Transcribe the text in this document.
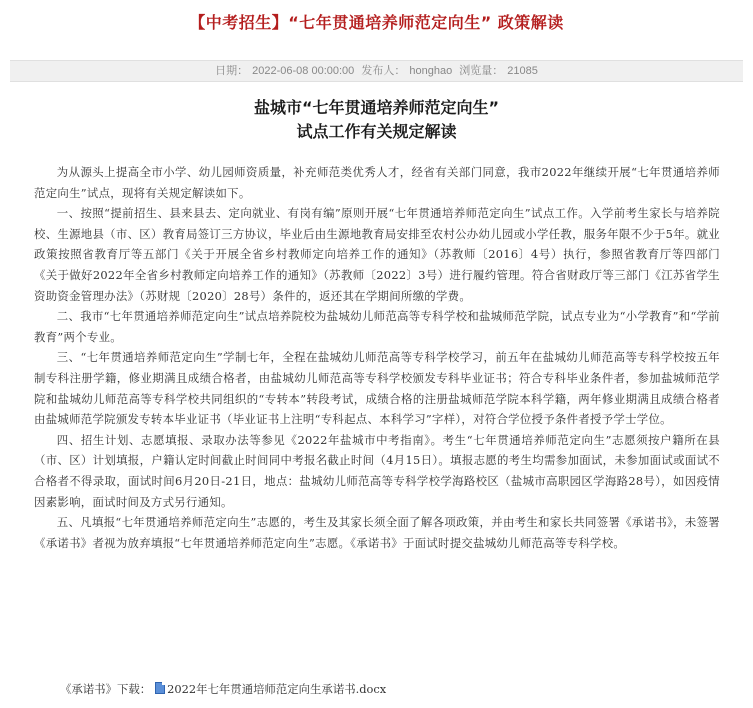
【中考招生】“七年贯通培养师范定向生” 政策解读
日期： 2022-06-08 00:00:00 发布人： honghao 浏览量： 21085
盐城市“七年贯通培养师范定向生”
试点工作有关规定解读

为从源头上提高全市小学、幼儿园师资质量，补充师范类优秀人才，经省有关部门同意，我市2022年继续开展“七年贯通培养师范定向生”试点，现将有关规定解读如下。

一、按照“提前招生、县来县去、定向就业、有岗有编”原则开展“七年贯通培养师范定向生”试点工作。入学前考生家长与培养院校、生源地县（市、区）教育局签订三方协议，毕业后由生源地教育局安排至农村公办幼儿园或小学任教，服务年限不少于5年。就业政策按照省教育厅等五部门《关于开展全省乡村教师定向培养工作的通知》（苏教师〔2016〕4号）执行，参照省教育厅等四部门《关于做好2022年全省乡村教师定向培养工作的通知》（苏教师〔2022〕3号）进行履约管理。符合省财政厅等三部门《江苏省学生资助资金管理办法》（苏财规〔2020〕28号）条件的，返还其在学期间所缴的学费。

二、我市“七年贯通培养师范定向生”试点培养院校为盐城幼儿师范高等专科学校和盐城师范学院，试点专业为“小学教育”和“学前教育”两个专业。

三、“七年贯通培养师范定向生”学制七年，全程在盐城幼儿师范高等专科学校学习，前五年在盐城幼儿师范高等专科学校按五年制专科注册学籍，修业期满且成绩合格者，由盐城幼儿师范高等专科学校颁发专科毕业证书；符合专科毕业条件者，参加盐城师范学院和盐城幼儿师范高等专科学校共同组织的“专转本”转段考试，成绩合格的注册盐城师范学院本科学籍，两年修业期满且成绩合格者由盐城师范学院颁发专转本毕业证书（毕业证书上注明“专科起点、本科学习”字样），对符合学位授予条件者授予学士学位。

四、招生计划、志愿填报、录取办法等参见《2022年盐城市中考指南》。考生“七年贯通培养师范定向生”志愿须按户籍所在县（市、区）计划填报，户籍认定时间截止时间同中考报名截止时间（4月15日）。填报志愿的考生均需参加面试，未参加面试或面试不合格者不得录取，面试时间6月20日-21日，地点：盐城幼儿师范高等专科学校学海路校区（盐城市高职园区学海路28号），如因疫情因素影响，面试时间及方式另行通知。

五、凡填报“七年贯通培养师范定向生”志愿的，考生及其家长须全面了解各项政策，并由考生和家长共同签署《承诺书》，未签署《承诺书》者视为放弃填报“七年贯通培养师范定向生”志愿。《承诺书》于面试时提交盐城幼儿师范高等专科学校。

《承诺书》下载： 2022年七年贯通培师范定向生承诺书.docx
